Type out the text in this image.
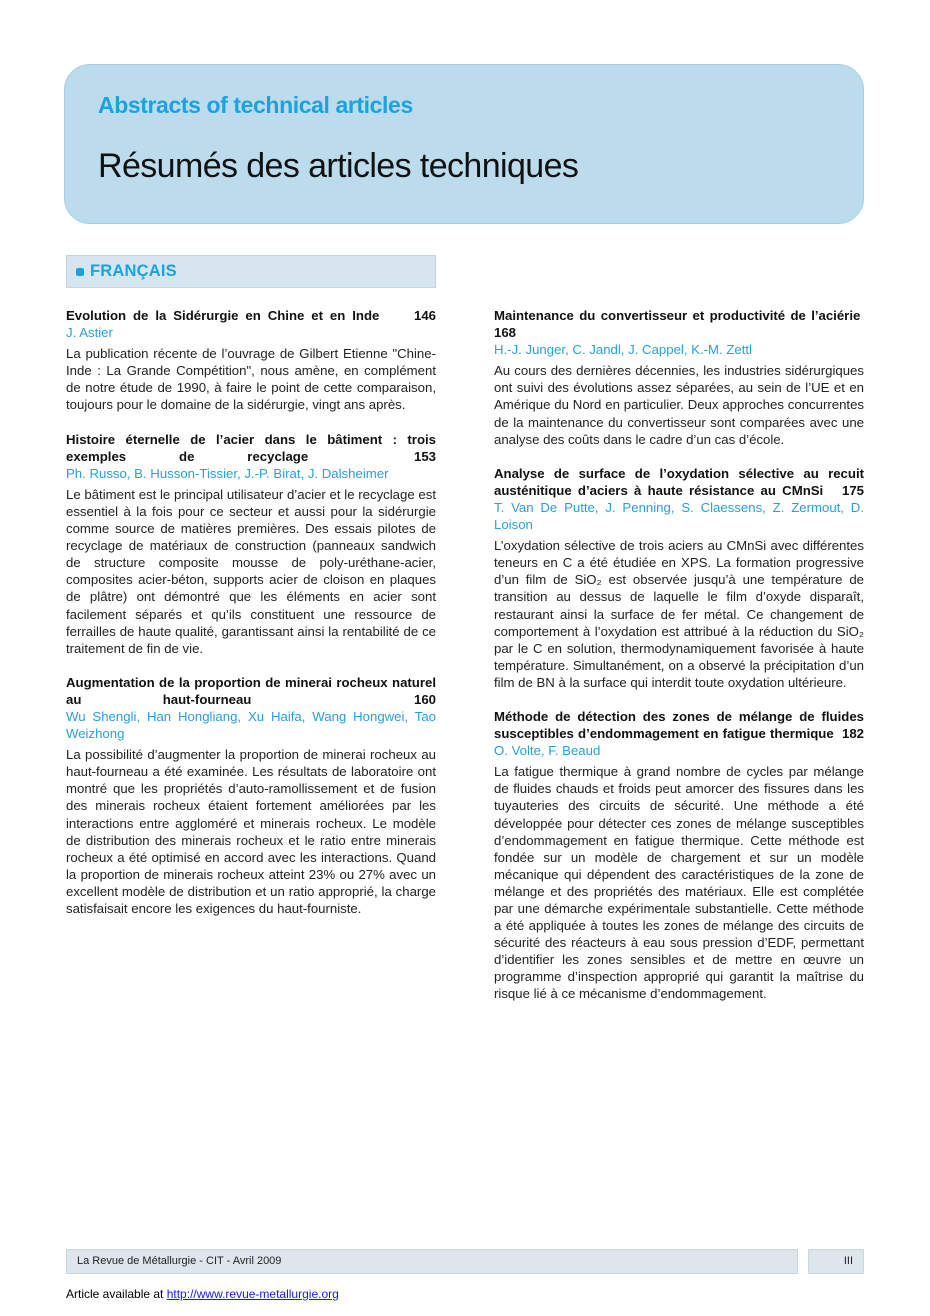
Abstracts of technical articles
Résumés des articles techniques
FRANÇAIS

Evolution de la Sidérurgie en Chine et en Inde	146

J. Astier

La publication récente de l’ouvrage de Gilbert Etienne "Chine-Inde : La Grande Compétition", nous amène, en complément de notre étude de 1990, à faire le point de cette comparaison, toujours pour le domaine de la sidérurgie, vingt ans après.

Histoire éternelle de l’acier dans le bâtiment : trois exemples de recyclage	153

Ph. Russo, B. Husson-Tissier, J.-P. Birat, J. Dalsheimer

Le bâtiment est le principal utilisateur d’acier et le recyclage est essentiel à la fois pour ce secteur et aussi pour la sidérurgie comme source de matières premières. Des essais pilotes de recyclage de matériaux de construction (panneaux sandwich de structure composite mousse de poly-uréthane-acier, composites acier-béton, supports acier de cloison en plaques de plâtre) ont démontré que les éléments en acier sont facilement séparés et qu’ils constituent une ressource de ferrailles de haute qualité, garantissant ainsi la rentabilité de ce traitement de fin de vie.

Augmentation de la proportion de minerai rocheux naturel au haut-fourneau	160

Wu Shengli, Han Hongliang, Xu Haifa, Wang Hongwei, Tao Weizhong

La possibilité d’augmenter la proportion de minerai rocheux au haut-fourneau a été examinée. Les résultats de laboratoire ont montré que les propriétés d’auto-ramollissement et de fusion des minerais rocheux étaient fortement améliorées par les interactions entre aggloméré et minerais rocheux. Le modèle de distribution des minerais rocheux et le ratio entre minerais rocheux a été optimisé en accord avec les interactions. Quand la proportion de minerais rocheux atteint 23% ou 27% avec un excellent modèle de distribution et un ratio approprié, la charge satisfaisait encore les exigences du haut-fourniste.

Maintenance du convertisseur et productivité de l’aciérie  168

H.-J. Junger, C. Jandl, J. Cappel, K.-M. Zettl

Au cours des dernières décennies, les industries sidérurgiques ont suivi des évolutions assez séparées, au sein de l’UE et en Amérique du Nord en particulier. Deux approches concurrentes de la maintenance du convertisseur sont comparées avec une analyse des coûts dans le cadre d’un cas d’école.

Analyse de surface de l’oxydation sélective au recuit austénitique d’aciers à haute résistance au CMnSi 175

T. Van De Putte, J. Penning, S. Claessens, Z. Zermout, D. Loison

L’oxydation sélective de trois aciers au CMnSi avec différentes teneurs en C a été étudiée en XPS. La formation progressive d’un film de SiO₂ est observée jusqu’à une température de transition au dessus de laquelle le film d’oxyde disparaît, restaurant ainsi la surface de fer métal. Ce changement de comportement à l’oxydation est attribué à la réduction du SiO₂ par le C en solution, thermodynamiquement favorisée à haute température. Simultanément, on a observé la précipitation d’un film de BN à la surface qui interdit toute oxydation ultérieure.

Méthode de détection des zones de mélange de fluides susceptibles d’endommagement en fatigue thermique 182

O. Volte, F. Beaud

La fatigue thermique à grand nombre de cycles par mélange de fluides chauds et froids peut amorcer des fissures dans les tuyauteries des circuits de sécurité. Une méthode a été développée pour détecter ces zones de mélange susceptibles d’endommagement en fatigue thermique. Cette méthode est fondée sur un modèle de chargement et sur un modèle mécanique qui dépendent des caractéristiques de la zone de mélange et des propriétés des matériaux. Elle est complétée par une démarche expérimentale substantielle. Cette méthode a été appliquée à toutes les zones de mélange des circuits de sécurité des réacteurs à eau sous pression d’EDF, permettant d’identifier les zones sensibles et de mettre en œuvre un programme d’inspection approprié qui garantit la maîtrise du risque lié à ce mécanisme d’endommagement.

La Revue de Métallurgie - CIT - Avril 2009	III
Article available at http://www.revue-metallurgie.org
